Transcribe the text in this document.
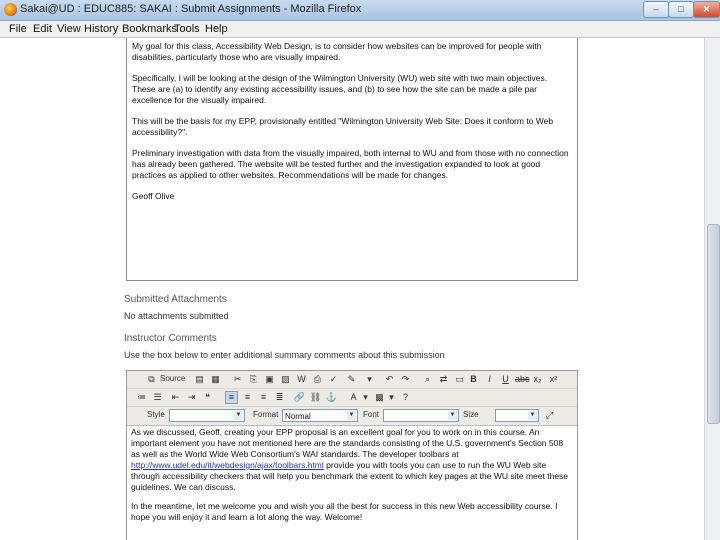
Sakai@UD : EDUC885: SAKAI : Submit Assignments - Mozilla Firefox	–	□	✕
File Edit View History Bookmarks
Tools Help

My goal for this class, Accessibility Web Design, is to consider how websites can be improved for people with disabilities, particularly those who are visually impaired.

Specifically, I will be looking at the design of the Wilmington University (WU) web site with two main objectives. These are (a) to identify any existing accessibility issues, and (b) to see how the site can be made a pile par excellence for the visually impaired.

This will be the basis for my EPP, provisionally entitled "Wilmington University Web Site: Does it conform to Web accessibility?".

Preliminary investigation with data from the visually impaired, both internal to WU and from those with no connection has already been gathered. The website will be tested further and the investigation expanded to look at good practices as applied to other websites. Recommendations will be made for changes.

Geoff Olive

Submitted Attachments
No attachments submitted
Instructor Comments
Use the box below to enter additional summary comments about this submission
⧉ Source ▤ ▦	✂ ⎘ ▣ ▧ W ⎙ ✓	✎	▾	↶ ↷	⌕	⇄ ▭ B	I	U abc x₂ x²
≔ ☰	⇤ ⇥	❝	≡	≡	≡	≣	🔗 ⛓ ⚓	A ▾ ▩ ▾	?
Style	▼ Format Normal	▼ Font	▼ Size	▼	⤢

As we discussed, Geoff, creating your EPP proposal is an excellent goal for you to work on in this course. An important element you have not mentioned here are the standards consisting of the U.S. government's Section 508 as well as the World Wide Web Consortium's WAI standards. The developer toolbars at http://www.udel.edu/it/webdesign/ajax/toolbars.html provide you with tools you can use to run the WU Web site through accessibility checkers that will help you benchmark the extent to which key pages at the WU site meet these guidelines. We can discuss.

In the meantime, let me welcome you and wish you all the best for success in this new Web accessibility course. I hope you will enjoy it and learn a lot along the way. Welcome!
